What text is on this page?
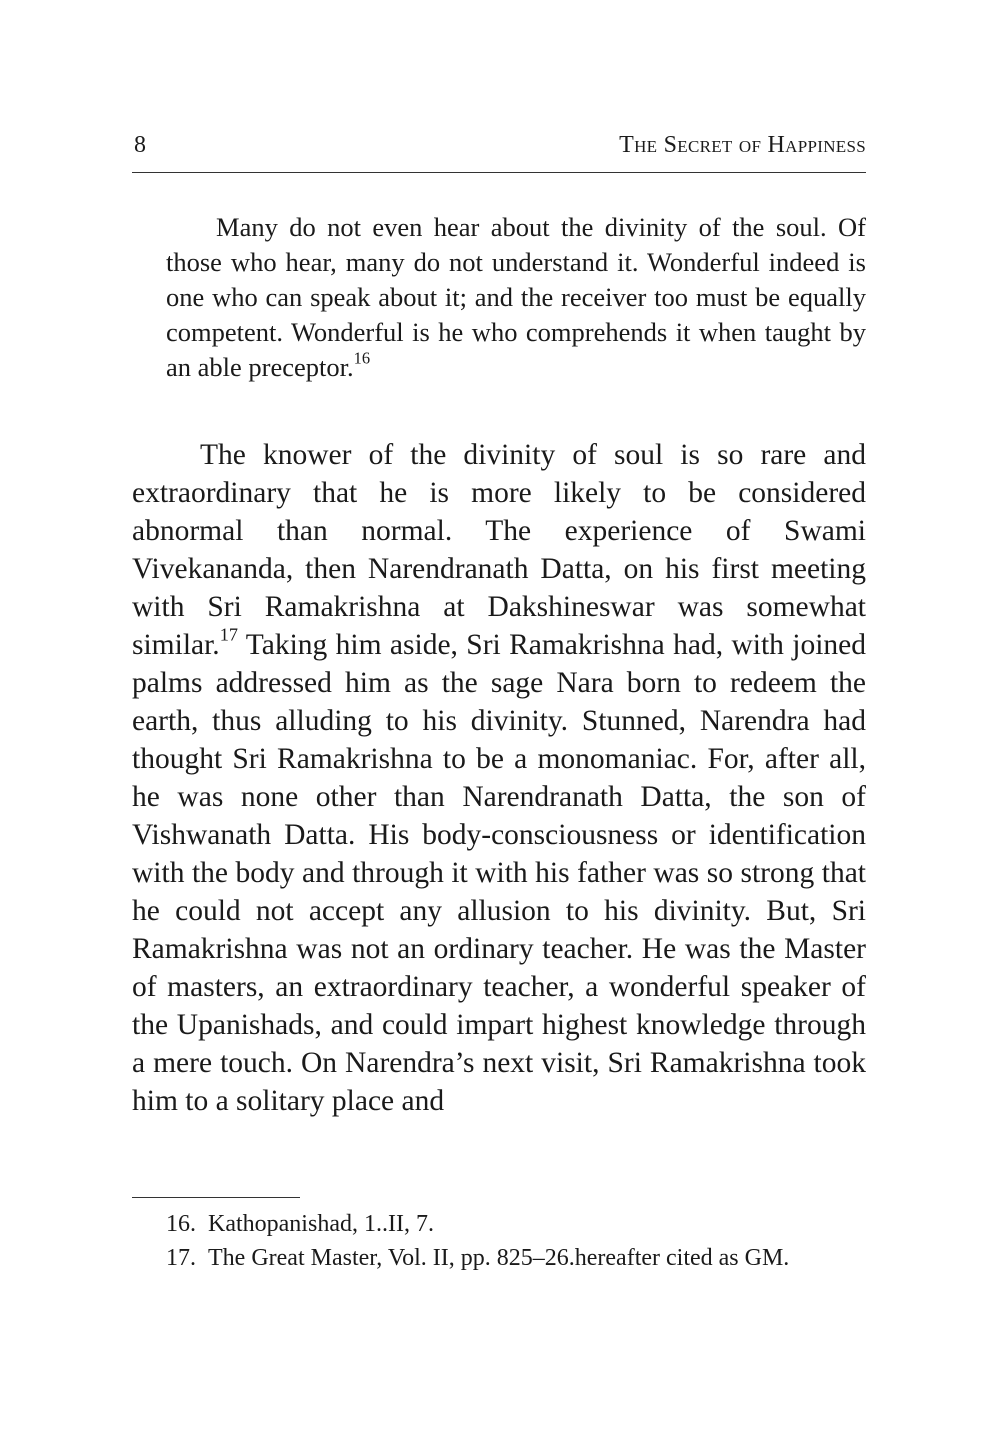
8	The Secret of Happiness

Many do not even hear about the divinity of the soul. Of those who hear, many do not understand it. Wonderful indeed is one who can speak about it; and the receiver too must be equally competent. Wonderful is he who comprehends it when taught by an able preceptor.$^{16}$

The knower of the divinity of soul is so rare and extraordinary that he is more likely to be considered abnormal than normal. The experience of Swami Vivekananda, then Narendranath Datta, on his first meeting with Sri Ramakrishna at Dakshineswar was somewhat similar.$^{17}$ Taking him aside, Sri Ramakrishna had, with joined palms addressed him as the sage Nara born to redeem the earth, thus alluding to his divinity. Stunned, Narendra had thought Sri Ramakrishna to be a monomaniac. For, after all, he was none other than Narendranath Datta, the son of Vishwanath Datta. His body-consciousness or identification with the body and through it with his father was so strong that he could not accept any allusion to his divinity. But, Sri Ramakrishna was not an ordinary teacher. He was the Master of masters, an extraordinary teacher, a wonderful speaker of the Upanishads, and could impart highest knowledge through a mere touch. On Narendra’s next visit, Sri Ramakrishna took him to a solitary place and

16. Kathopanishad, 1..II, 7.
17. The Great Master, Vol. II, pp. 825–26.hereafter cited as GM.
